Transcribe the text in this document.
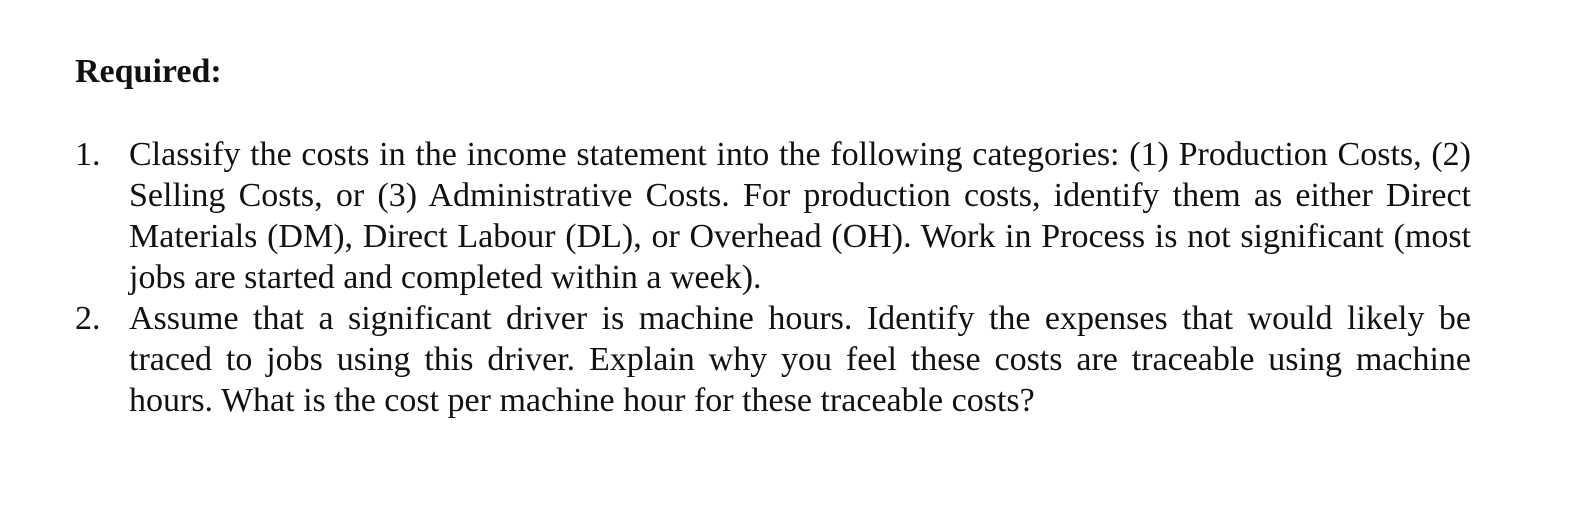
Required:
1. Classify the costs in the income statement into the following categories: (1) Production Costs, (2) Selling Costs, or (3) Administrative Costs. For production costs, identify them as either Direct Materials (DM), Direct Labour (DL), or Overhead (OH). Work in Process is not significant (most jobs are started and completed within a week).
2. Assume that a significant driver is machine hours. Identify the expenses that would likely be traced to jobs using this driver. Explain why you feel these costs are traceable using machine hours. What is the cost per machine hour for these traceable costs?
